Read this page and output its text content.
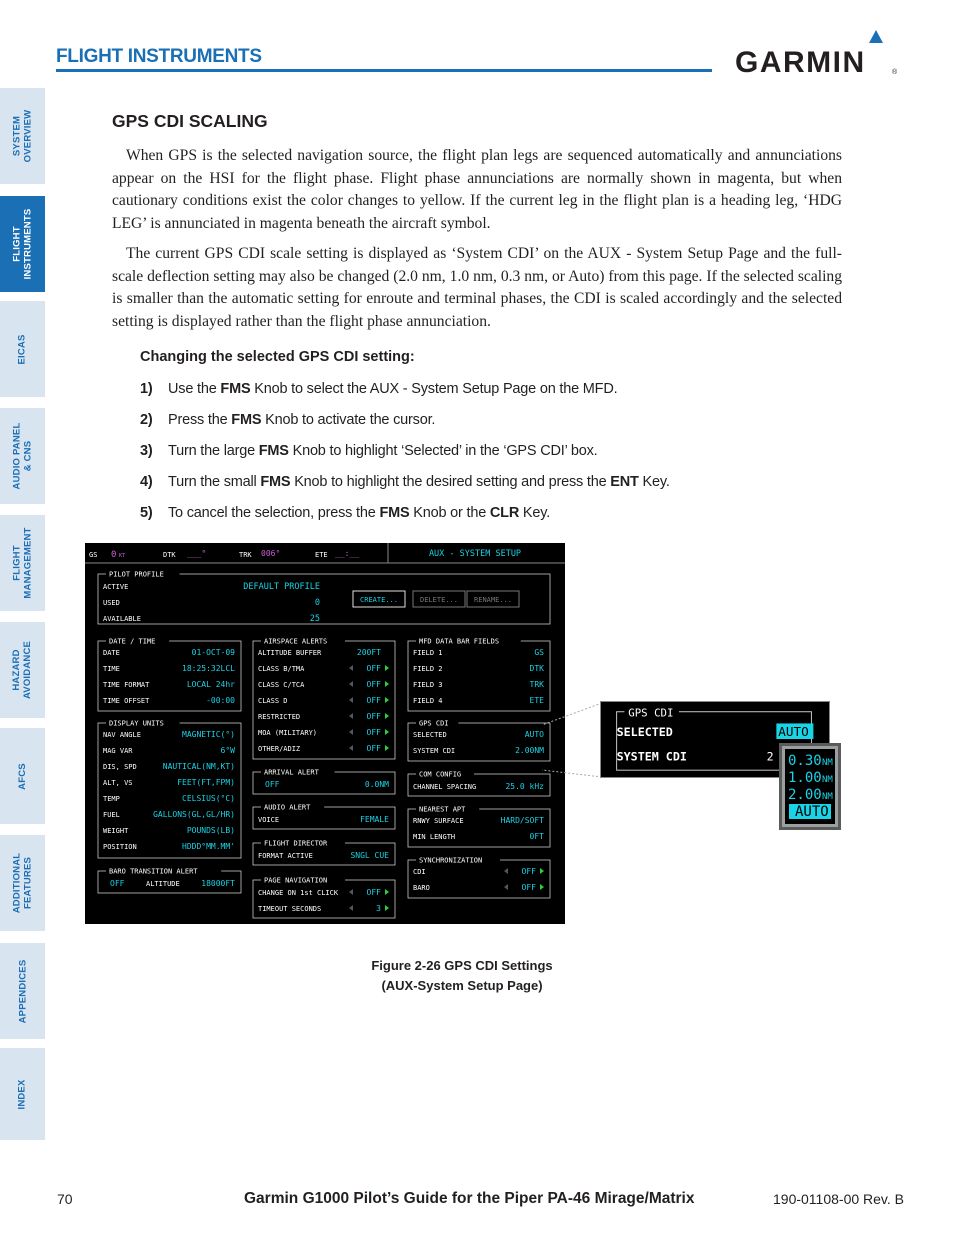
FLIGHT INSTRUMENTS	GARMIN	®
SYSTEM
OVERVIEW
FLIGHT
INSTRUMENTS
EICAS
AUDIO PANEL
& CNS
FLIGHT
MANAGEMENT
HAZARD
AVOIDANCE
AFCS
ADDITIONAL
FEATURES
APPENDICES
INDEX
GPS CDI SCALING
When GPS is the selected navigation source, the flight plan legs are sequenced automatically and annunciations appear on the HSI for the flight phase. Flight phase annunciations are normally shown in magenta, but when cautionary conditions exist the color changes to yellow. If the current leg in the flight plan is a heading leg, ‘HDG LEG’ is annunciated in magenta beneath the aircraft symbol.
The current GPS CDI scale setting is displayed as ‘System CDI’ on the AUX - System Setup Page and the full-scale deflection setting may also be changed (2.0 nm, 1.0 nm, 0.3 nm, or Auto) from this page. If the selected scaling is smaller than the automatic setting for enroute and terminal phases, the CDI is scaled accordingly and the selected setting is displayed rather than the flight phase annunciation.
Changing the selected GPS CDI setting:
1) Use the FMS Knob to select the AUX - System Setup Page on the MFD.
2) Press the FMS Knob to activate the cursor.
3) Turn the large FMS Knob to highlight ‘Selected’ in the ‘GPS CDI’ box.
4) Turn the small FMS Knob to highlight the desired setting and press the ENT Key.
5) To cancel the selection, press the FMS Knob or the CLR Key.
GS 0 KT	DTK ___°	TRK 006°	ETE __:__	AUX - SYSTEM SETUP
PILOT PROFILE
ACTIVE	DEFAULT PROFILE
USED	0
AVAILABLE	25
CREATE...	DELETE... RENAME...
DATE / TIME
DATE	01-OCT-09
TIME	18:25:32LCL
TIME FORMAT	LOCAL 24hr
TIME OFFSET	-00:00
DISPLAY UNITS
NAV ANGLE	MAGNETIC(°)
MAG VAR	6°W
DIS, SPD	NAUTICAL(NM,KT)
ALT, VS	FEET(FT,FPM)
TEMP	CELSIUS(°C)
FUEL	GALLONS(GL,GL/HR)
WEIGHT	POUNDS(LB)
POSITION	HDDD°MM.MM'
BARO TRANSITION ALERT
OFF	ALTITUDE	18000FT
AIRSPACE ALERTS
ALTITUDE BUFFER	200FT
CLASS B/TMA	OFF
CLASS C/TCA	OFF
CLASS D	OFF
RESTRICTED	OFF
MOA (MILITARY)	OFF
OTHER/ADIZ	OFF
ARRIVAL ALERT
OFF	0.0NM
AUDIO ALERT
VOICE	FEMALE
FLIGHT DIRECTOR
FORMAT ACTIVE	SNGL CUE
PAGE NAVIGATION
CHANGE ON 1st CLICK	OFF
TIMEOUT SECONDS	3
MFD DATA BAR FIELDS
FIELD 1	GS
FIELD 2	DTK
FIELD 3	TRK
FIELD 4	ETE
GPS CDI
SELECTED	AUTO
SYSTEM CDI	2.00NM
COM CONFIG
CHANNEL SPACING	25.0 kHz
NEAREST APT
RNWY SURFACE	HARD/SOFT
MIN LENGTH	0FT
SYNCHRONIZATION
CDI	OFF
BARO	OFF
GPS CDI
SELECTED	AUTO
SYSTEM CDI	2 0.30 NM
1.00 NM
2.00 NM
AUTO
Figure 2-26 GPS CDI Settings
(AUX-System Setup Page)
70	Garmin G1000 Pilot’s Guide for the Piper PA-46 Mirage/Matrix	190-01108-00 Rev. B
